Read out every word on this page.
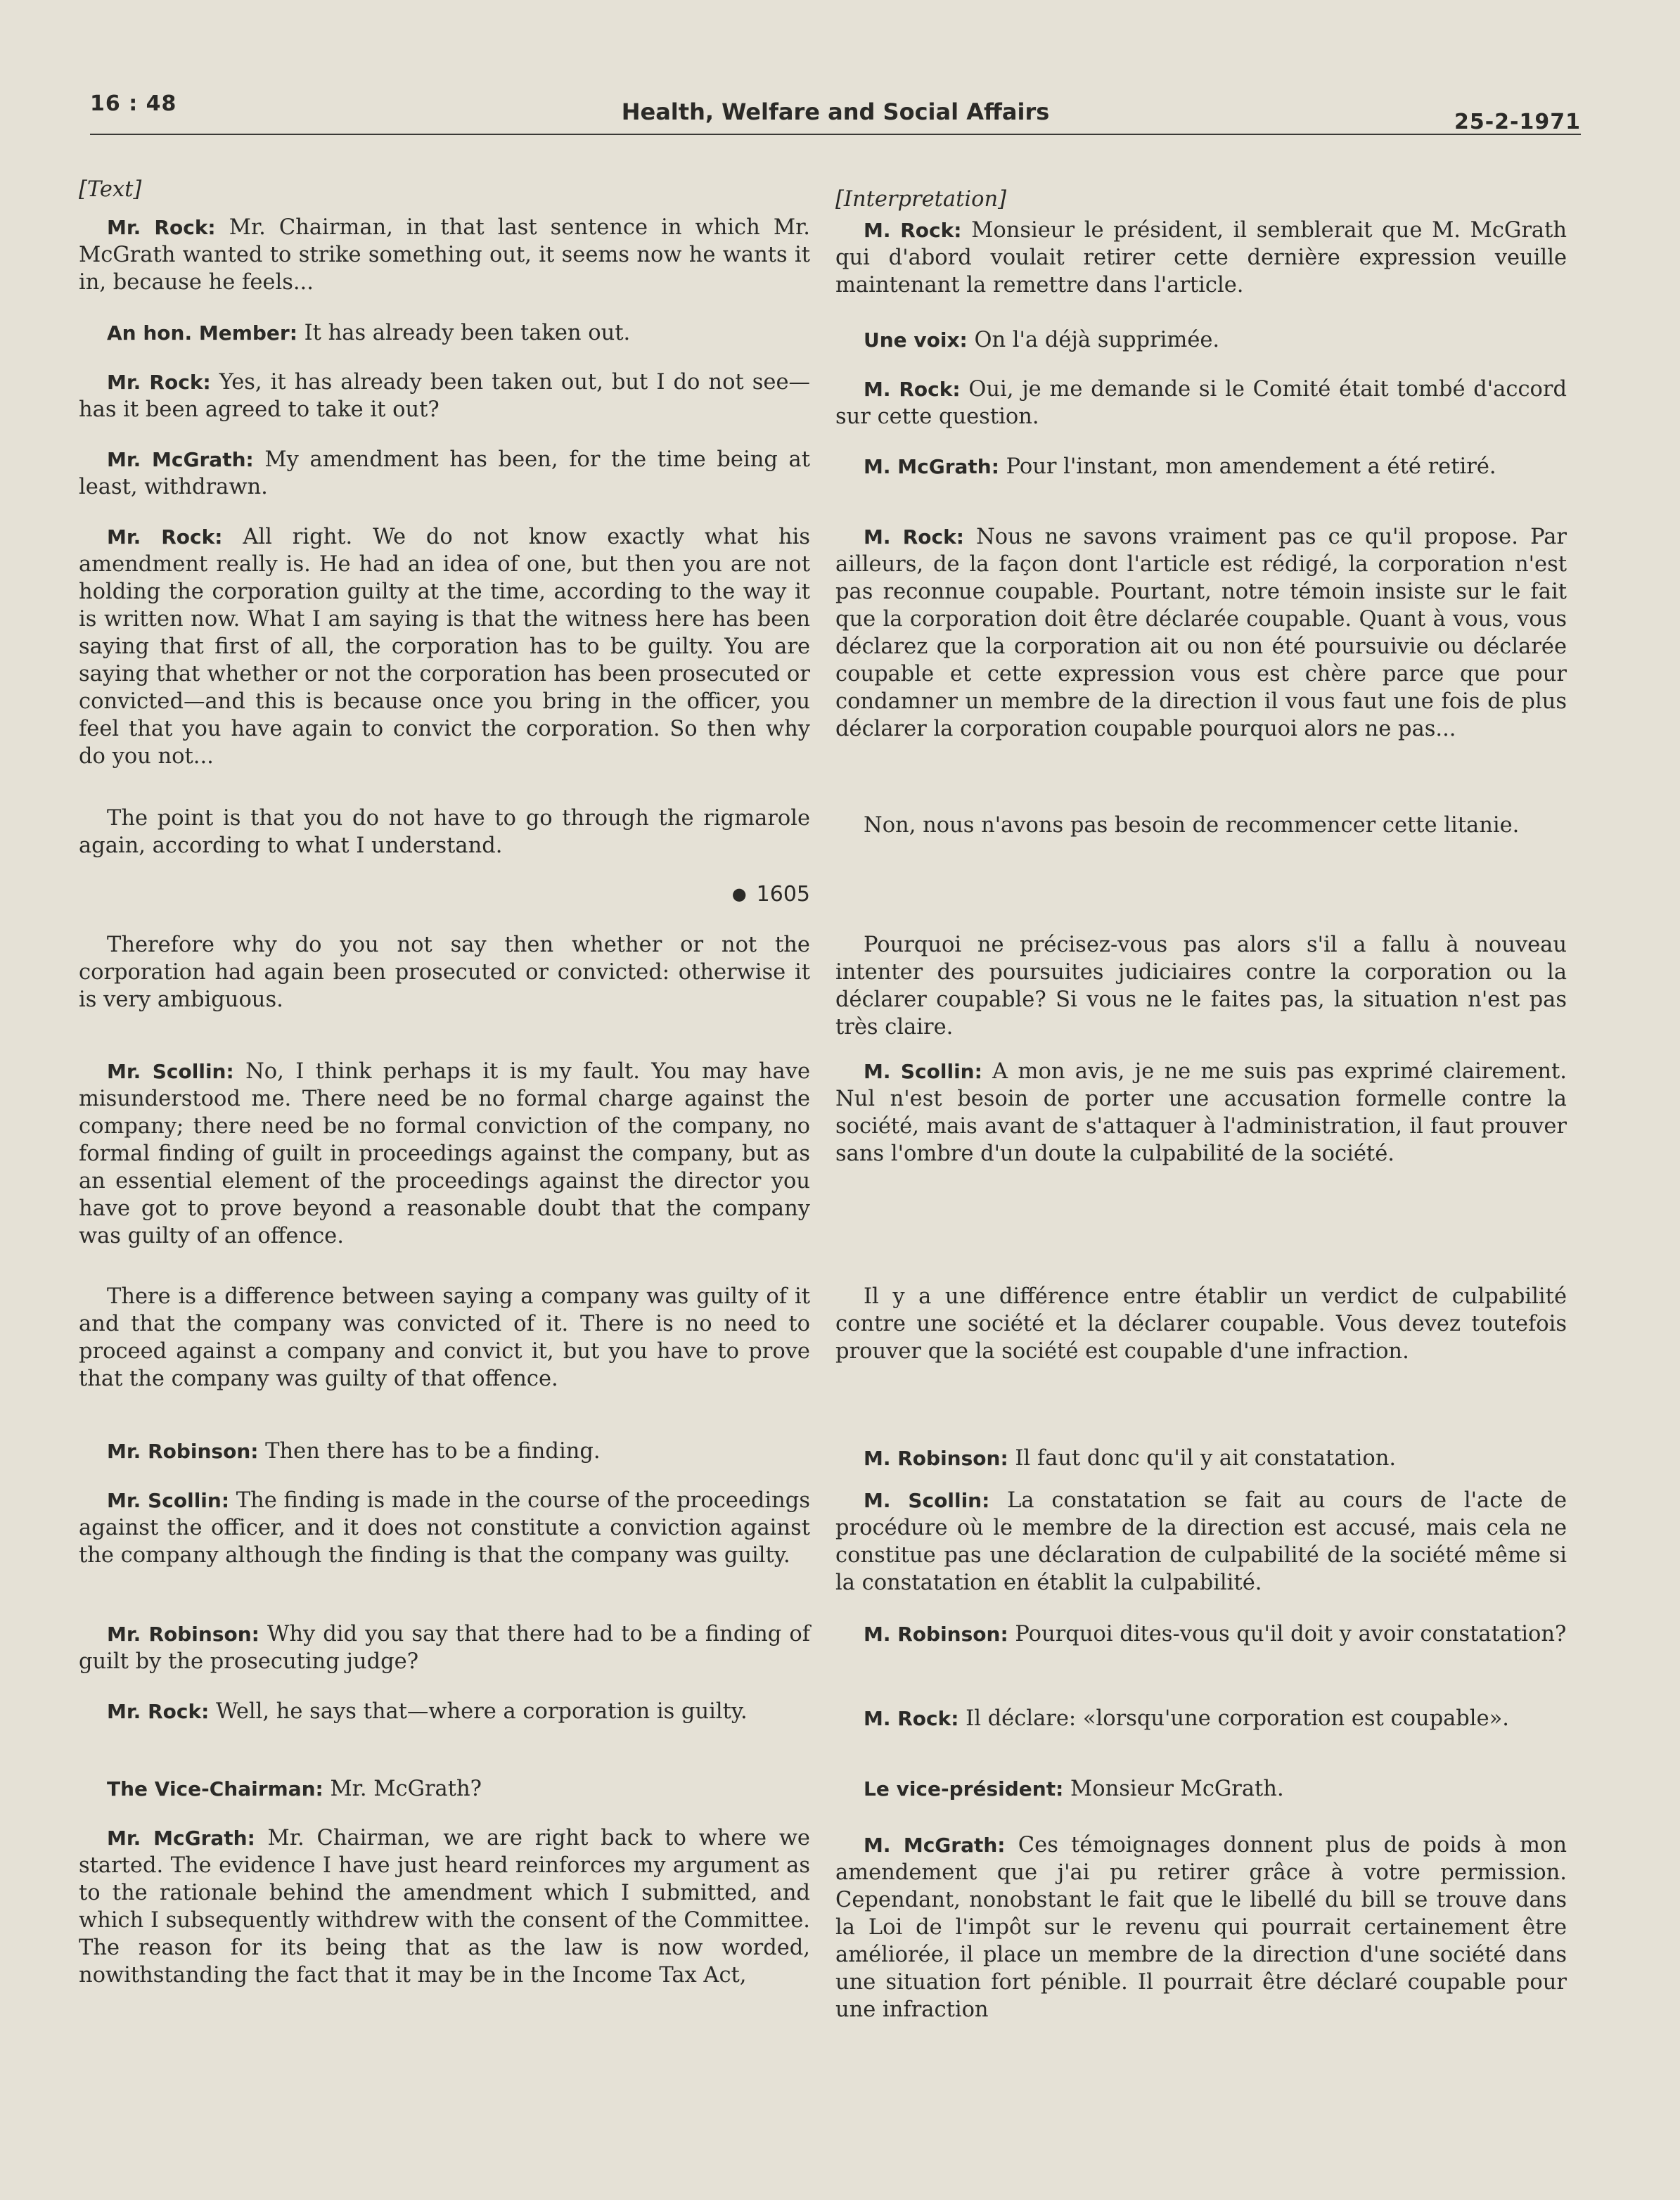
16 : 48	Health, Welfare and Social Affairs	25-2-1971
[Text]

Mr. Rock: Mr. Chairman, in that last sentence in which Mr. McGrath wanted to strike something out, it seems now he wants it in, because he feels...

An hon. Member: It has already been taken out.

Mr. Rock: Yes, it has already been taken out, but I do not see—has it been agreed to take it out?

Mr. McGrath: My amendment has been, for the time being at least, withdrawn.

Mr. Rock: All right. We do not know exactly what his amendment really is. He had an idea of one, but then you are not holding the corporation guilty at the time, according to the way it is written now. What I am saying is that the witness here has been saying that first of all, the corporation has to be guilty. You are saying that whether or not the corporation has been prosecuted or convicted—and this is because once you bring in the officer, you feel that you have again to convict the corporation. So then why do you not...

The point is that you do not have to go through the rigmarole again, according to what I understand.

● 1605

Therefore why do you not say then whether or not the corporation had again been prosecuted or convicted: otherwise it is very ambiguous.

Mr. Scollin: No, I think perhaps it is my fault. You may have misunderstood me. There need be no formal charge against the company; there need be no formal conviction of the company, no formal finding of guilt in proceedings against the company, but as an essential element of the proceedings against the director you have got to prove beyond a reasonable doubt that the company was guilty of an offence.

There is a difference between saying a company was guilty of it and that the company was convicted of it. There is no need to proceed against a company and convict it, but you have to prove that the company was guilty of that offence.

Mr. Robinson: Then there has to be a finding.

Mr. Scollin: The finding is made in the course of the proceedings against the officer, and it does not constitute a conviction against the company although the finding is that the company was guilty.

Mr. Robinson: Why did you say that there had to be a finding of guilt by the prosecuting judge?

Mr. Rock: Well, he says that—where a corporation is guilty.

The Vice-Chairman: Mr. McGrath?

Mr. McGrath: Mr. Chairman, we are right back to where we started. The evidence I have just heard reinforces my argument as to the rationale behind the amendment which I submitted, and which I subsequently withdrew with the consent of the Committee. The reason for its being that as the law is now worded, nowithstanding the fact that it may be in the Income Tax Act,

[Interpretation]

M. Rock: Monsieur le président, il semblerait que M. McGrath qui d'abord voulait retirer cette dernière expression veuille maintenant la remettre dans l'article.

Une voix: On l'a déjà supprimée.

M. Rock: Oui, je me demande si le Comité était tombé d'accord sur cette question.

M. McGrath: Pour l'instant, mon amendement a été retiré.

M. Rock: Nous ne savons vraiment pas ce qu'il propose. Par ailleurs, de la façon dont l'article est rédigé, la corporation n'est pas reconnue coupable. Pourtant, notre témoin insiste sur le fait que la corporation doit être déclarée coupable. Quant à vous, vous déclarez que la corporation ait ou non été poursuivie ou déclarée coupable et cette expression vous est chère parce que pour condamner un membre de la direction il vous faut une fois de plus déclarer la corporation coupable pourquoi alors ne pas...

Non, nous n'avons pas besoin de recommencer cette litanie.

Pourquoi ne précisez-vous pas alors s'il a fallu à nouveau intenter des poursuites judiciaires contre la corporation ou la déclarer coupable? Si vous ne le faites pas, la situation n'est pas très claire.

M. Scollin: A mon avis, je ne me suis pas exprimé clairement. Nul n'est besoin de porter une accusation formelle contre la société, mais avant de s'attaquer à l'administration, il faut prouver sans l'ombre d'un doute la culpabilité de la société.

Il y a une différence entre établir un verdict de culpabilité contre une société et la déclarer coupable. Vous devez toutefois prouver que la société est coupable d'une infraction.

M. Robinson: Il faut donc qu'il y ait constatation.

M. Scollin: La constatation se fait au cours de l'acte de procédure où le membre de la direction est accusé, mais cela ne constitue pas une déclaration de culpabilité de la société même si la constatation en établit la culpabilité.

M. Robinson: Pourquoi dites-vous qu'il doit y avoir constatation?

M. Rock: Il déclare: «lorsqu'une corporation est coupable».

Le vice-président: Monsieur McGrath.

M. McGrath: Ces témoignages donnent plus de poids à mon amendement que j'ai pu retirer grâce à votre permission. Cependant, nonobstant le fait que le libellé du bill se trouve dans la Loi de l'impôt sur le revenu qui pourrait certainement être améliorée, il place un membre de la direction d'une société dans une situation fort pénible. Il pourrait être déclaré coupable pour une infraction
